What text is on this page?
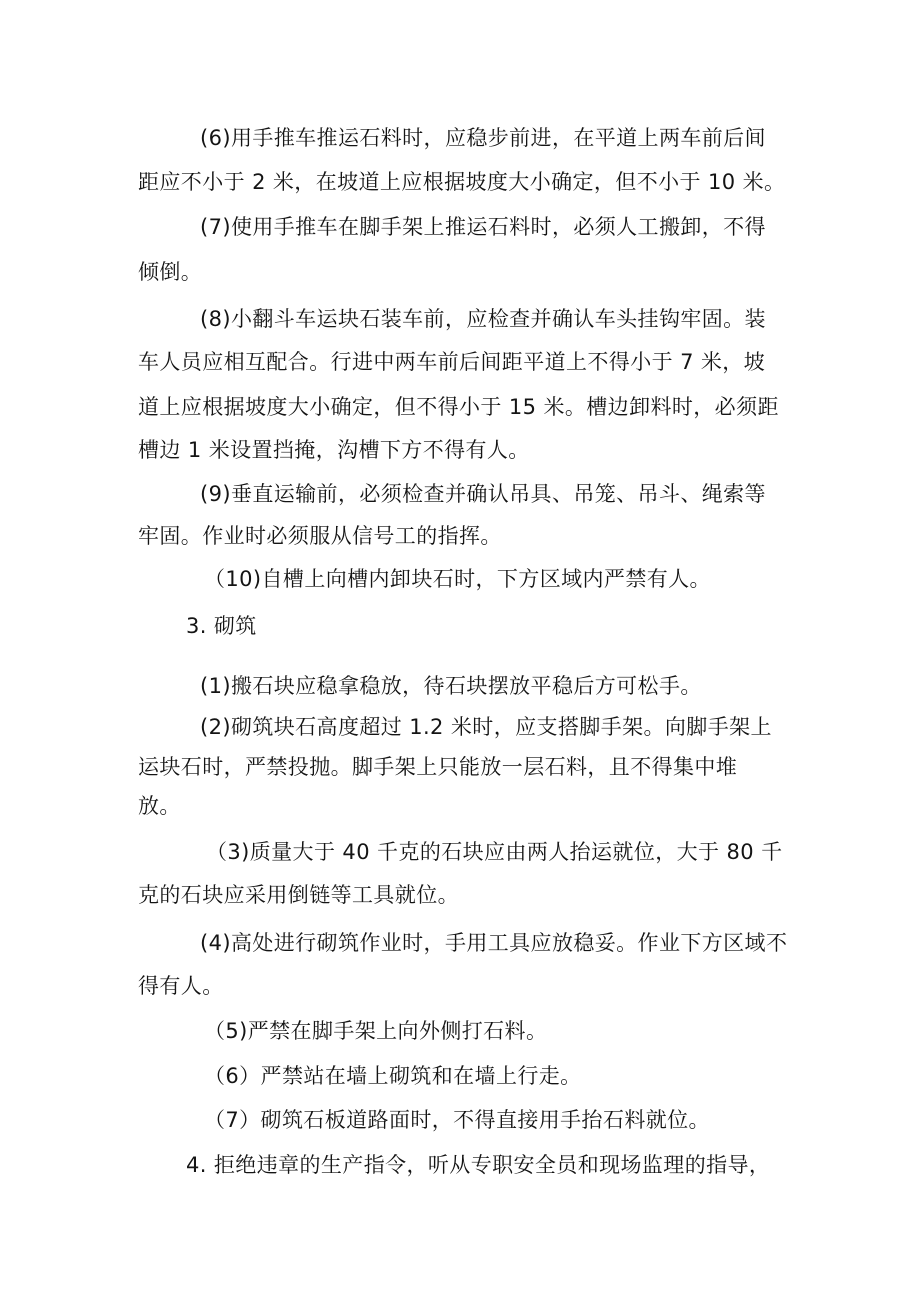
(6)用手推车推运石料时，应稳步前进，在平道上两车前后间
距应不小于 2 米，在坡道上应根据坡度大小确定，但不小于 10 米。
(7)使用手推车在脚手架上推运石料时，必须人工搬卸，不得
倾倒。
(8)小翻斗车运块石装车前，应检查并确认车头挂钩牢固。装
车人员应相互配合。行进中两车前后间距平道上不得小于 7 米，坡
道上应根据坡度大小确定，但不得小于 15 米。槽边卸料时，必须距
槽边 1 米设置挡掩，沟槽下方不得有人。
(9)垂直运输前，必须检查并确认吊具、吊笼、吊斗、绳索等
牢固。作业时必须服从信号工的指挥。
（10)自槽上向槽内卸块石时，下方区域内严禁有人。
3. 砌筑
(1)搬石块应稳拿稳放，待石块摆放平稳后方可松手。
(2)砌筑块石高度超过 1.2 米时，应支搭脚手架。向脚手架上
运块石时，严禁投抛。脚手架上只能放一层石料，且不得集中堆
放。
（3)质量大于 40 千克的石块应由两人抬运就位，大于 80 千
克的石块应采用倒链等工具就位。
(4)高处进行砌筑作业时，手用工具应放稳妥。作业下方区域不
得有人。
（5)严禁在脚手架上向外侧打石料。
（6）严禁站在墙上砌筑和在墙上行走。
（7）砌筑石板道路面时，不得直接用手抬石料就位。
4. 拒绝违章的生产指令，听从专职安全员和现场监理的指导，
